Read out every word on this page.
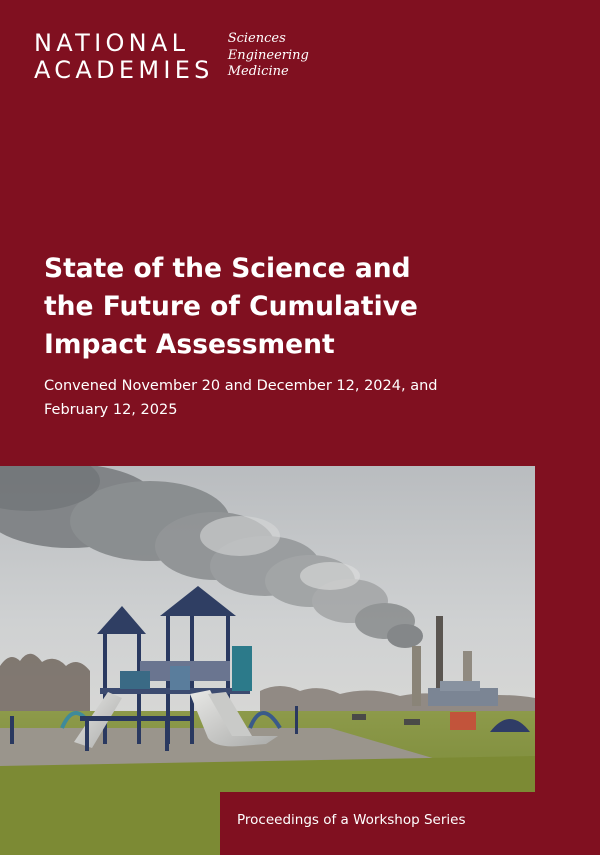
NATIONAL
ACADEMIES
Sciences
Engineering
Medicine
State of the Science and
the Future of Cumulative
Impact Assessment
Convened November 20 and December 12, 2024, and
February 12, 2025
Proceedings of a Workshop Series
